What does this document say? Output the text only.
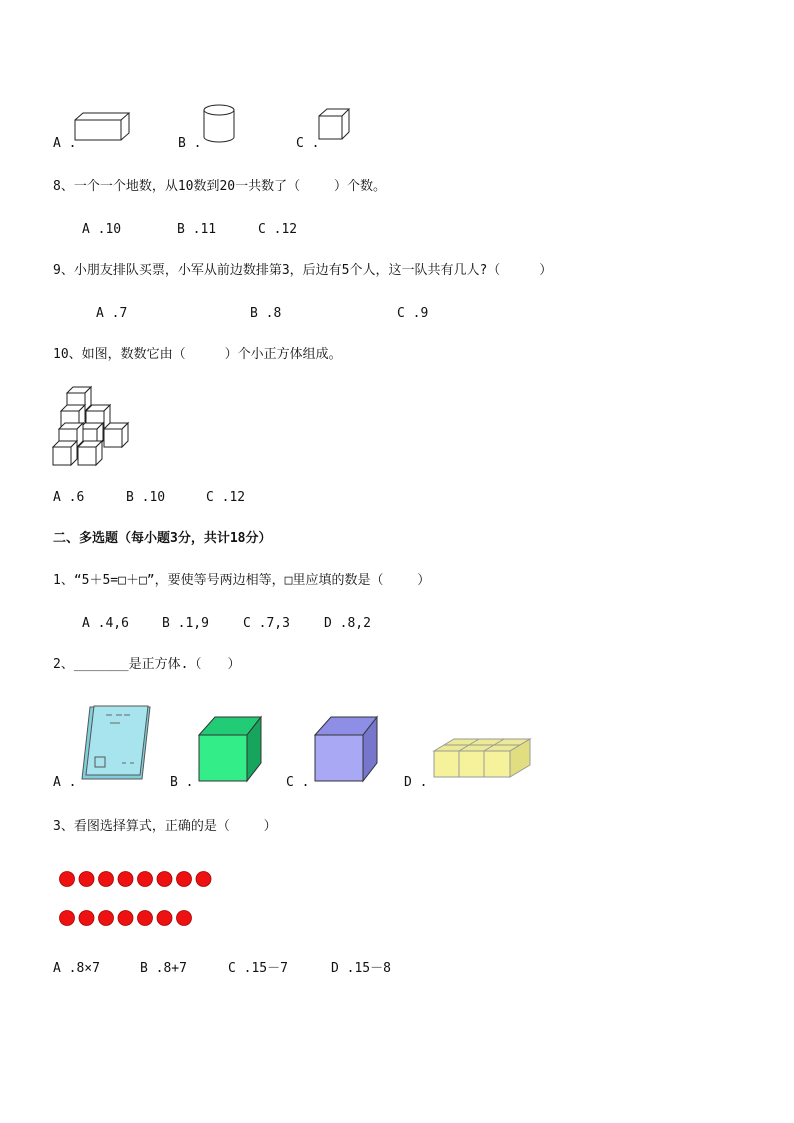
A .	B .	C .
8、一个一个地数，从10数到20一共数了（　　 ）个数。
A .10	B .11	C .12
9、小朋友排队买票，小军从前边数排第3，后边有5个人，这一队共有几人?（　　　）
A .7	B .8	C .9
10、如图，数数它由（　　　）个小正方体组成。
A .6	B .10	C .12
二、多选题（每小题3分，共计18分）
1、“5＋5=□＋□”，要使等号两边相等，□里应填的数是（　　 ）
A .4,6	B .1,9	C .7,3	D .8,2
2、_______是正方体.（　　）
A .	B .	C .	D .
3、看图选择算式，正确的是（　　 ）
A .8×7	B .8+7	C .15－7	D .15－8
